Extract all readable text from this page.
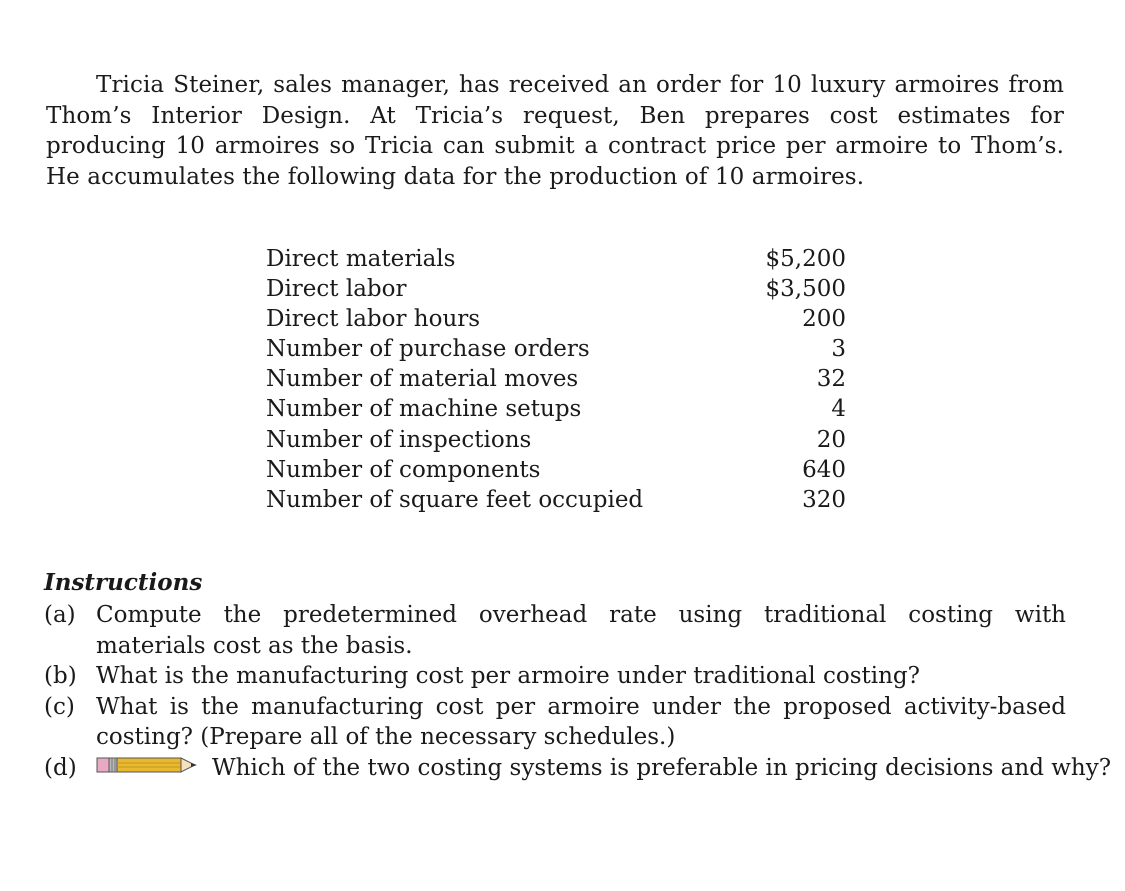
Tricia Steiner, sales manager, has received an order for 10 luxury armoires from Thom’s Interior Design. At Tricia’s request, Ben prepares cost estimates for producing 10 armoires so Tricia can submit a contract price per armoire to Thom’s. He accumulates the following data for the production of 10 armoires.

Direct materials	$5,200
Direct labor	$3,500
Direct labor hours	200
Number of purchase orders	3
Number of material moves	32
Number of machine setups	4
Number of inspections	20
Number of components	640
Number of square feet occupied	320
Instructions
(a) Compute the predetermined overhead rate using traditional costing with materials cost as the basis.
(b) What is the manufacturing cost per armoire under traditional costing?
(c) What is the manufacturing cost per armoire under the proposed activity-based costing? (Prepare all of the necessary schedules.)
(d)	Which of the two costing systems is preferable in pricing decisions and why?
